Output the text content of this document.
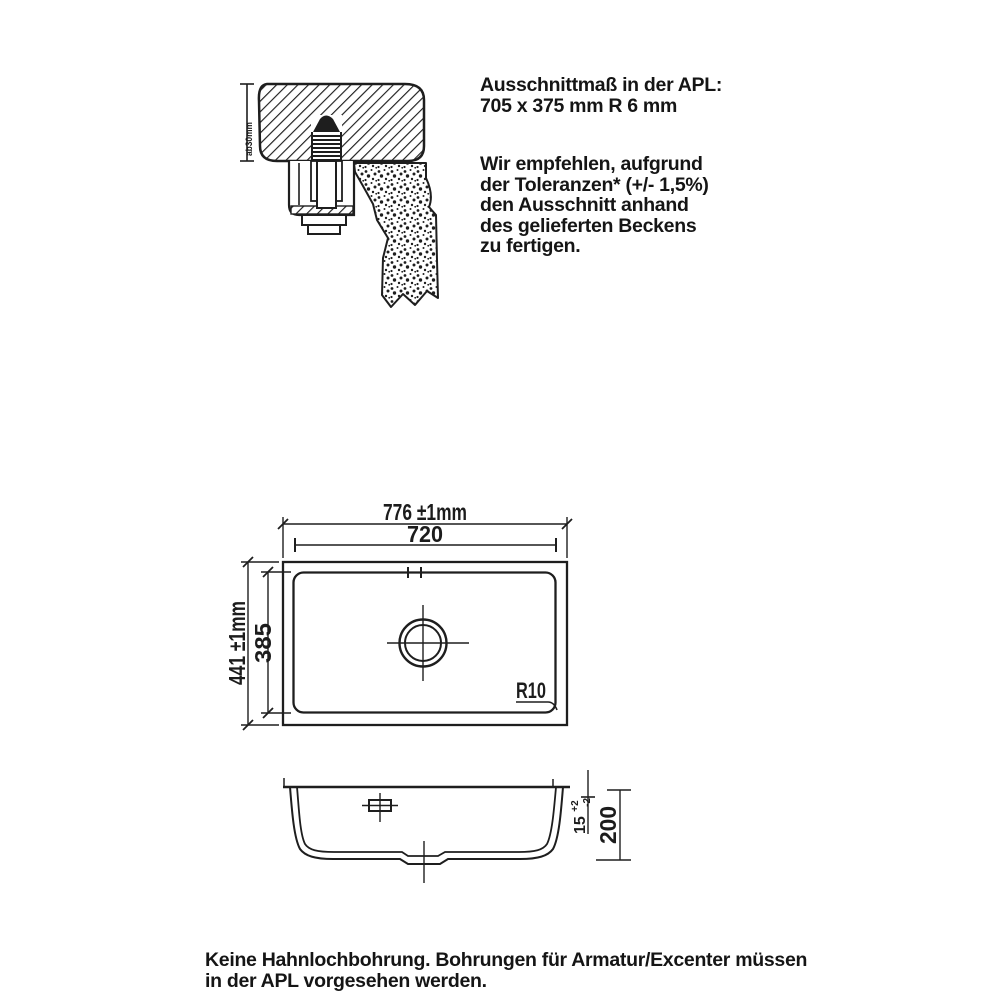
ab30mm
776 ±1mm
720
441 ±1mm 385
R10
15 $^{+2}$ -2
200
Ausschnittmaß in der APL:
705 x 375 mm R 6 mm
Wir empfehlen, aufgrund
der Toleranzen* (+/- 1,5%)
den Ausschnitt anhand
des gelieferten Beckens
zu fertigen.
Keine Hahnlochbohrung. Bohrungen für Armatur/Excenter müssen
in der APL vorgesehen werden.
